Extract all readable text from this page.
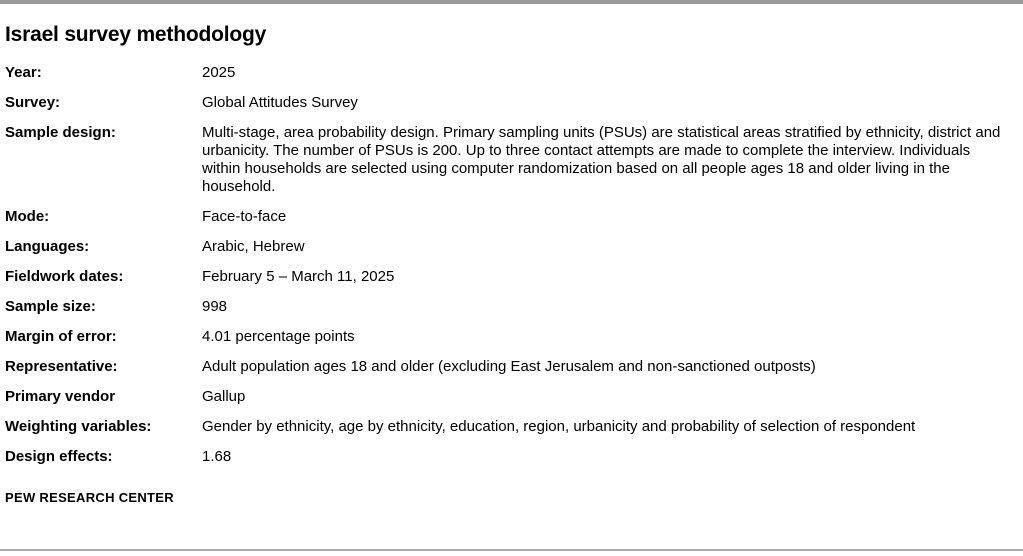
Israel survey methodology
Year:	2025
Survey:	Global Attitudes Survey
Sample design:	Multi-stage, area probability design. Primary sampling units (PSUs) are statistical areas stratified by ethnicity, district and urbanicity. The number of PSUs is 200. Up to three contact attempts are made to complete the interview. Individuals within households are selected using computer randomization based on all people ages 18 and older living in the household.
Mode:	Face-to-face
Languages:	Arabic, Hebrew
Fieldwork dates:	February 5 – March 11, 2025
Sample size:	998
Margin of error:	4.01 percentage points
Representative:	Adult population ages 18 and older (excluding East Jerusalem and non-sanctioned outposts)
Primary vendor	Gallup
Weighting variables:	Gender by ethnicity, age by ethnicity, education, region, urbanicity and probability of selection of respondent
Design effects:	1.68
PEW RESEARCH CENTER
